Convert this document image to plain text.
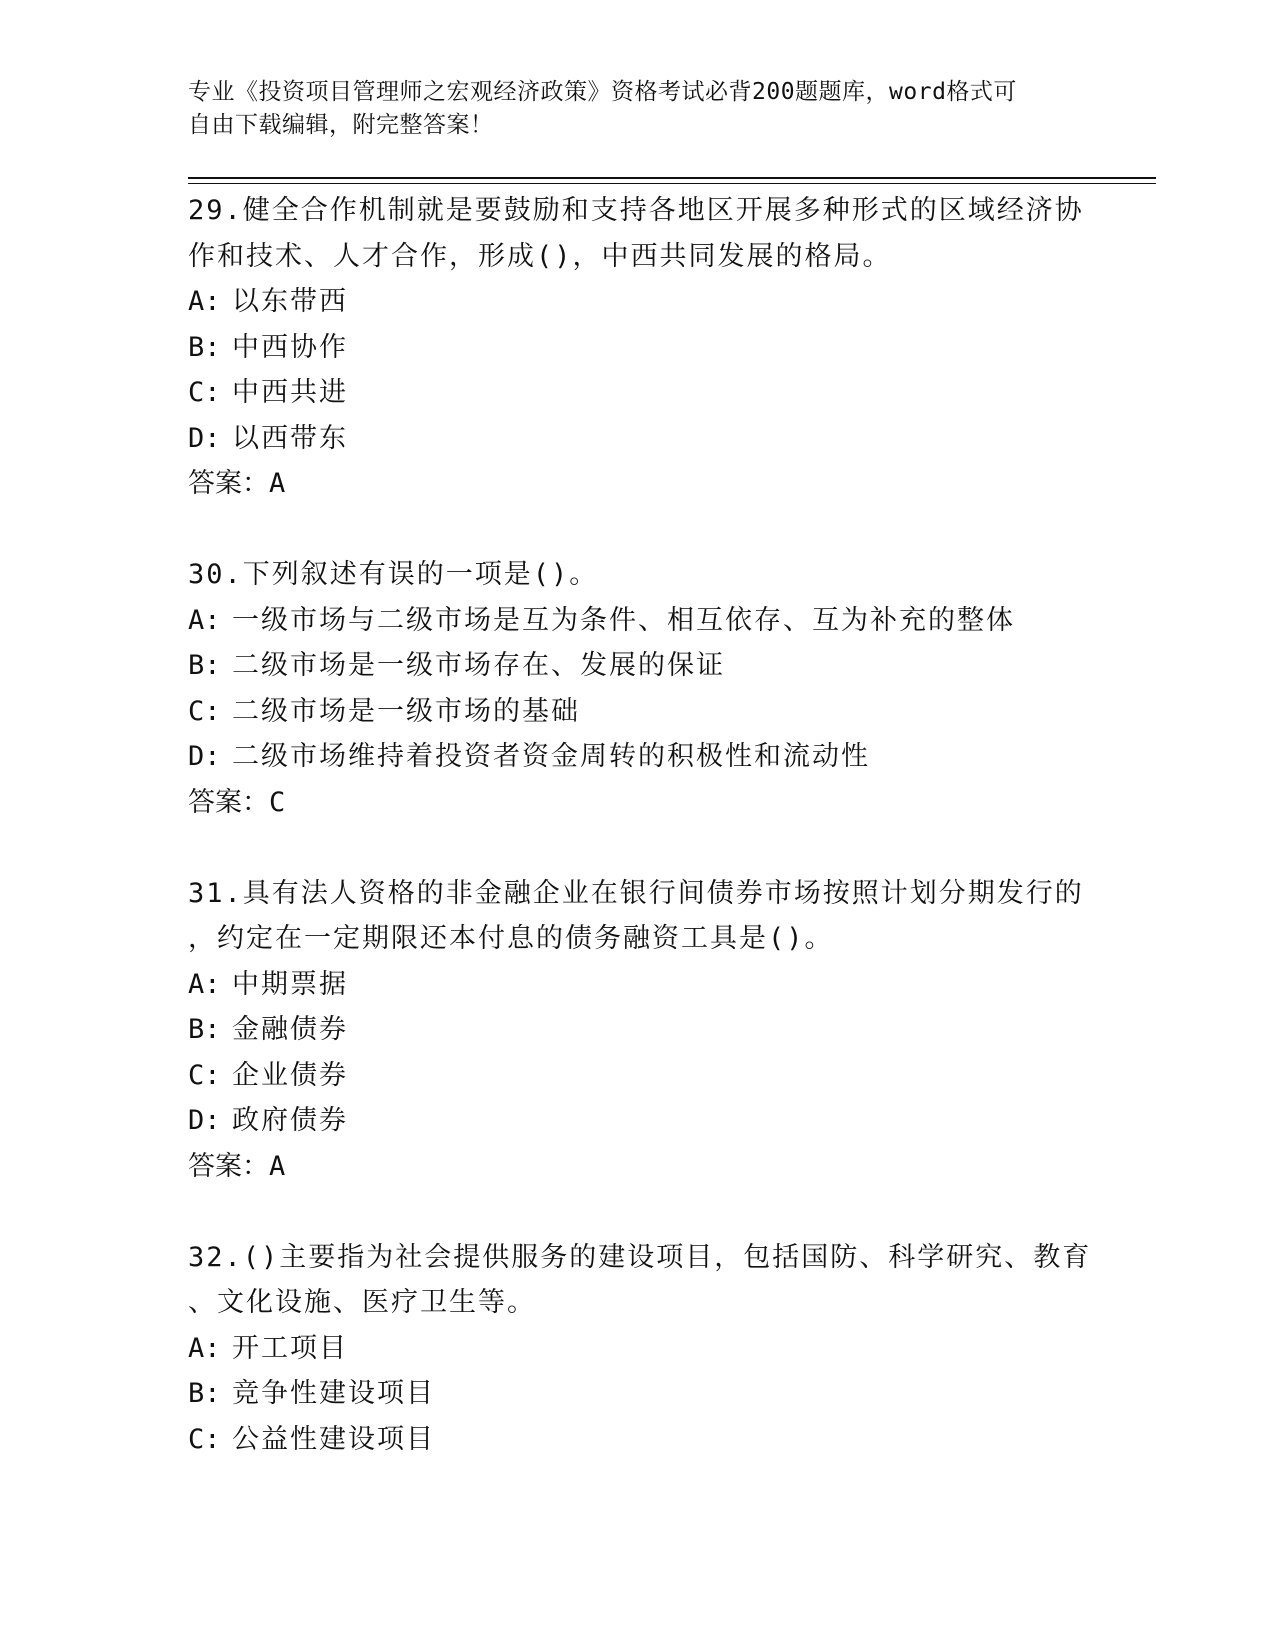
专业《投资项目管理师之宏观经济政策》资格考试必背200题题库，word格式可
自由下载编辑，附完整答案！
29.健全合作机制就是要鼓励和支持各地区开展多种形式的区域经济协
作和技术、人才合作，形成()，中西共同发展的格局。
A: 以东带西
B: 中西协作
C: 中西共进
D: 以西带东
答案：A
30.下列叙述有误的一项是()。
A: 一级市场与二级市场是互为条件、相互依存、互为补充的整体
B: 二级市场是一级市场存在、发展的保证
C: 二级市场是一级市场的基础
D: 二级市场维持着投资者资金周转的积极性和流动性
答案：C
31.具有法人资格的非金融企业在银行间债券市场按照计划分期发行的
，约定在一定期限还本付息的债务融资工具是()。
A: 中期票据
B: 金融债券
C: 企业债券
D: 政府债券
答案：A
32.()主要指为社会提供服务的建设项目，包括国防、科学研究、教育
、文化设施、医疗卫生等。
A: 开工项目
B: 竞争性建设项目
C: 公益性建设项目
